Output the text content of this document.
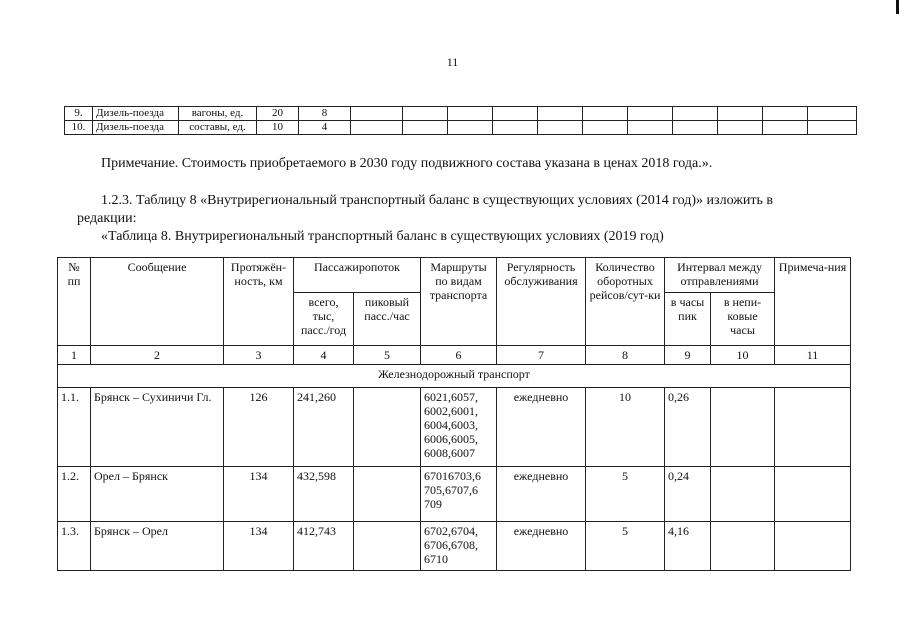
11
9.	Дизель-поезда	вагоны, ед.	20	8											
10.	Дизель-поезда	составы, ед.	10	4											
Примечание. Стоимость приобретаемого в 2030 году подвижного состава указана в ценах 2018 года.».
1.2.3. Таблицу 8 «Внутрирегиональный транспортный баланс в существующих условиях (2014 год)» изложить в
редакции:
«Таблица 8. Внутрирегиональный транспортный баланс в существующих условиях (2019 год)
№ пп	Сообщение	Протяжён-ность, км	Пассажиропоток		Маршруты по видам транспорта	Регулярность обслуживания	Количество оборотных рейсов/сут-ки	Интервал между отправлениями		Примеча-ния
			всего, тыс, пасс./год	пиковый пасс./час				в часы пик	в непи-ковые часы	
1	2	3	4	5	6	7	8	9	10	11
Железнодорожный транспорт										
1.1.	Брянск – Сухиничи Гл.	126	241,260		6021,6057, 6002,6001, 6004,6003, 6006,6005, 6008,6007	ежедневно	10	0,26		
1.2.	Орел – Брянск	134	432,598		67016703,6 705,6707,6 709	ежедневно	5	0,24		
1.3.	Брянск – Орел	134	412,743		6702,6704, 6706,6708, 6710	ежедневно	5	4,16		
